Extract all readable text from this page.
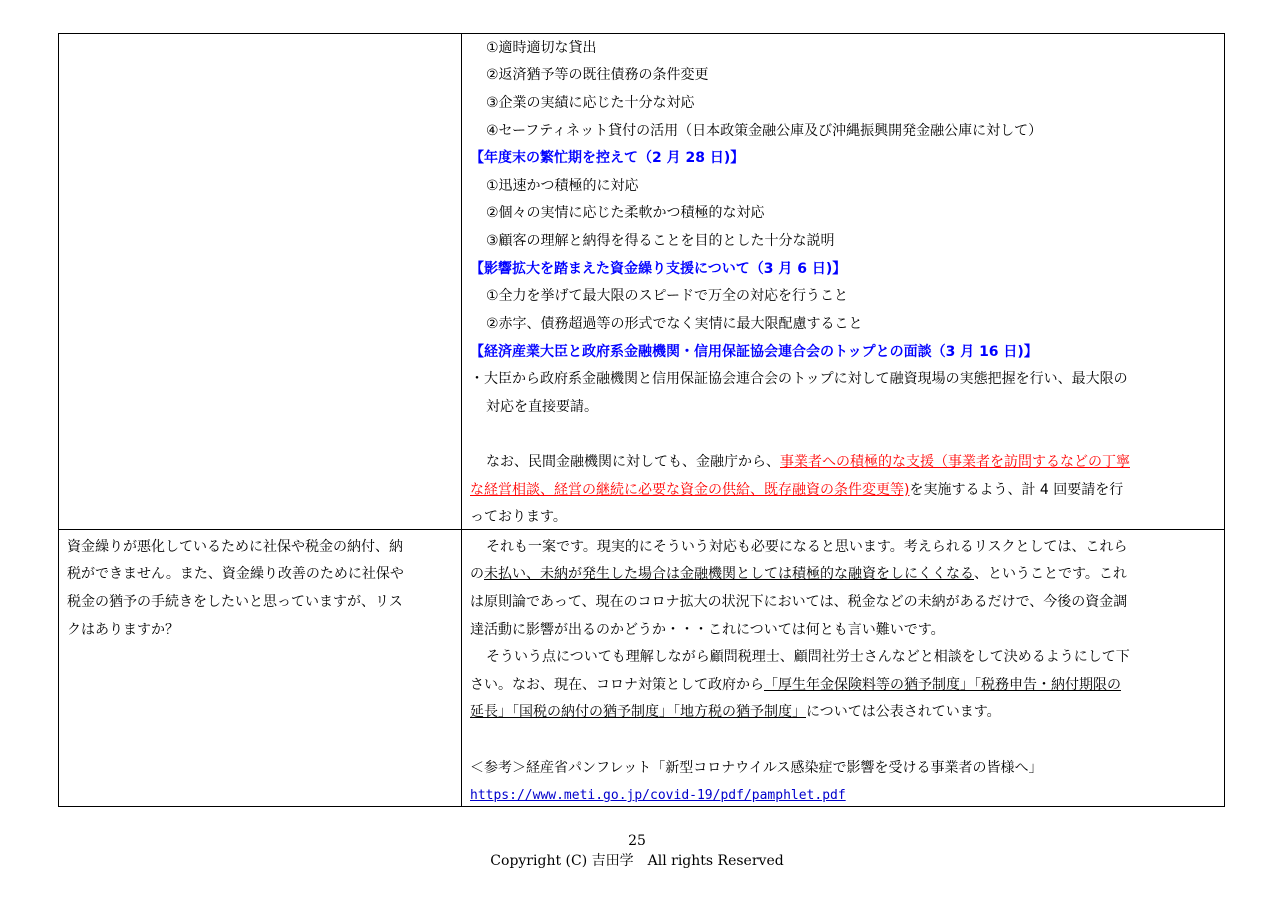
①適時適切な貸出
②返済猶予等の既往債務の条件変更
③企業の実績に応じた十分な対応
④セーフティネット貸付の活用（日本政策金融公庫及び沖縄振興開発金融公庫に対して）
【年度末の繁忙期を控えて（2 月 28 日)】
①迅速かつ積極的に対応
②個々の実情に応じた柔軟かつ積極的な対応
③顧客の理解と納得を得ることを目的とした十分な説明
【影響拡大を踏まえた資金繰り支援について（3 月 6 日)】
①全力を挙げて最大限のスピードで万全の対応を行うこと
②赤字、債務超過等の形式でなく実情に最大限配慮すること
【経済産業大臣と政府系金融機関・信用保証協会連合会のトップとの面談（3 月 16 日)】
・大臣から政府系金融機関と信用保証協会連合会のトップに対して融資現場の実態把握を行い、最大限の
対応を直接要請。
なお、民間金融機関に対しても、金融庁から、事業者への積極的な支援（事業者を訪問するなどの丁寧
な経営相談、経営の継続に必要な資金の供給、既存融資の条件変更等)を実施するよう、計 4 回要請を行
っております。
資金繰りが悪化しているために社保や税金の納付、納
税ができません。また、資金繰り改善のために社保や
税金の猶予の手続きをしたいと思っていますが、リス
クはありますか？
それも一案です。現実的にそういう対応も必要になると思います。考えられるリスクとしては、これら
の未払い、未納が発生した場合は金融機関としては積極的な融資をしにくくなる、ということです。これ
は原則論であって、現在のコロナ拡大の状況下においては、税金などの未納があるだけで、今後の資金調
達活動に影響が出るのかどうか・・・これについては何とも言い難いです。
そういう点についても理解しながら顧問税理士、顧問社労士さんなどと相談をして決めるようにして下
さい。なお、現在、コロナ対策として政府から「厚生年金保険料等の猶予制度」「税務申告・納付期限の
延長」「国税の納付の猶予制度」「地方税の猶予制度」については公表されています。
＜参考＞経産省パンフレット「新型コロナウイルス感染症で影響を受ける事業者の皆様へ」
https://www.meti.go.jp/covid-19/pdf/pamphlet.pdf
25
Copyright (C) 吉田学　All rights Reserved
